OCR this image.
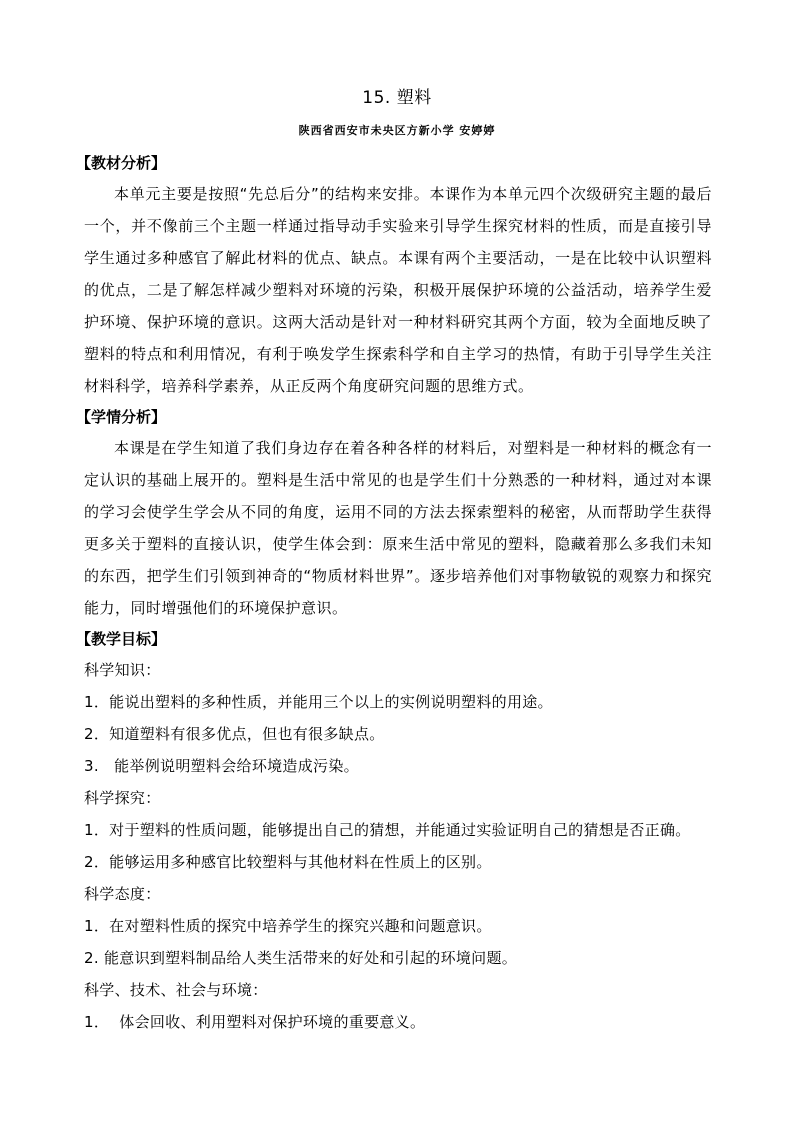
15. 塑料
陕西省西安市未央区方新小学 安婷婷
【教材分析】

本单元主要是按照“先总后分”的结构来安排。本课作为本单元四个次级研究主题的最后一个，并不像前三个主题一样通过指导动手实验来引导学生探究材料的性质，而是直接引导学生通过多种感官了解此材料的优点、缺点。本课有两个主要活动，一是在比较中认识塑料的优点，二是了解怎样减少塑料对环境的污染，积极开展保护环境的公益活动，培养学生爱护环境、保护环境的意识。这两大活动是针对一种材料研究其两个方面，较为全面地反映了塑料的特点和利用情况，有利于唤发学生探索科学和自主学习的热情，有助于引导学生关注材料科学，培养科学素养，从正反两个角度研究问题的思维方式。

【学情分析】

本课是在学生知道了我们身边存在着各种各样的材料后，对塑料是一种材料的概念有一定认识的基础上展开的。塑料是生活中常见的也是学生们十分熟悉的一种材料，通过对本课的学习会使学生学会从不同的角度，运用不同的方法去探索塑料的秘密，从而帮助学生获得更多关于塑料的直接认识，使学生体会到：原来生活中常见的塑料，隐藏着那么多我们未知的东西，把学生们引领到神奇的“物质材料世界”。逐步培养他们对事物敏锐的观察力和探究能力，同时增强他们的环境保护意识。

【教学目标】
科学知识：
1．能说出塑料的多种性质，并能用三个以上的实例说明塑料的用途。
2．知道塑料有很多优点，但也有很多缺点。
3.   能举例说明塑料会给环境造成污染。
科学探究：
1．对于塑料的性质问题，能够提出自己的猜想，并能通过实验证明自己的猜想是否正确。
2．能够运用多种感官比较塑料与其他材料在性质上的区别。
科学态度：
1．在对塑料性质的探究中培养学生的探究兴趣和问题意识。
2. 能意识到塑料制品给人类生活带来的好处和引起的环境问题。
科学、技术、社会与环境：
1．  体会回收、利用塑料对保护环境的重要意义。
